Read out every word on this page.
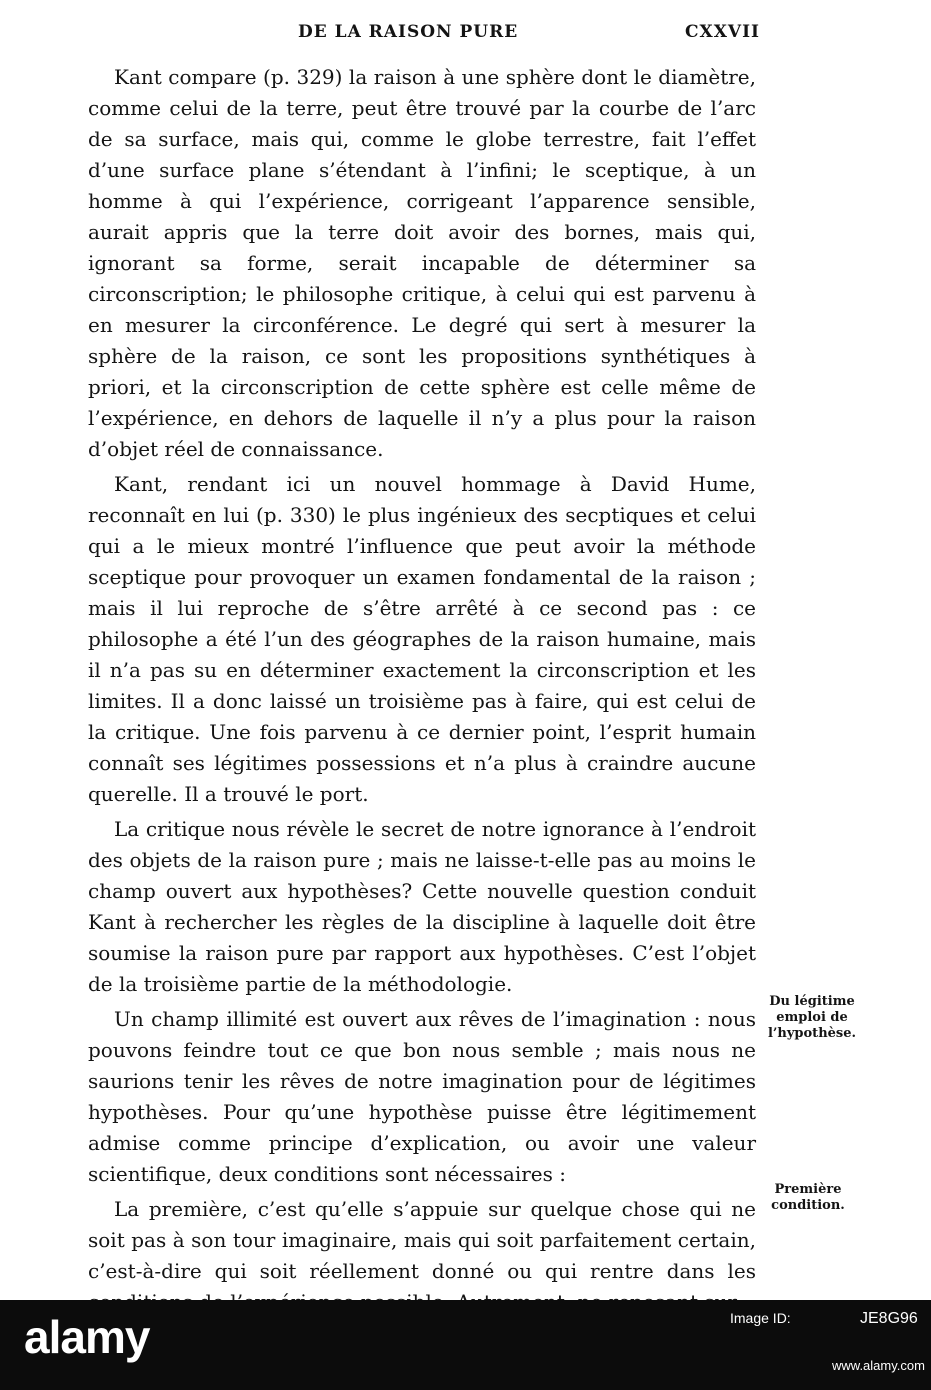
DE LA RAISON PURE	CXXVII

Kant compare (p. 329) la raison à une sphère dont le diamètre, comme celui de la terre, peut être trouvé par la courbe de l’arc de sa surface, mais qui, comme le globe terrestre, fait l’effet d’une surface plane s’étendant à l’infini; le sceptique, à un homme à qui l’expérience, corrigeant l’apparence sensible, aurait appris que la terre doit avoir des bornes, mais qui, ignorant sa forme, serait incapable de déterminer sa circonscription; le philosophe critique, à celui qui est parvenu à en mesurer la circonférence. Le degré qui sert à mesurer la sphère de la raison, ce sont les propositions synthétiques à priori, et la circonscription de cette sphère est celle même de l’expérience, en dehors de laquelle il n’y a plus pour la raison d’objet réel de connaissance.

Kant, rendant ici un nouvel hommage à David Hume, reconnaît en lui (p. 330) le plus ingénieux des secptiques et celui qui a le mieux montré l’influence que peut avoir la méthode sceptique pour provoquer un examen fondamental de la raison ; mais il lui reproche de s’être arrêté à ce second pas : ce philosophe a été l’un des géographes de la raison humaine, mais il n’a pas su en déterminer exactement la circonscription et les limites. Il a donc laissé un troisième pas à faire, qui est celui de la critique. Une fois parvenu à ce dernier point, l’esprit humain connaît ses légitimes possessions et n’a plus à craindre aucune querelle. Il a trouvé le port.

La critique nous révèle le secret de notre ignorance à l’endroit des objets de la raison pure ; mais ne laisse-t-elle pas au moins le champ ouvert aux hypothèses? Cette nouvelle question conduit Kant à rechercher les règles de la discipline à laquelle doit être soumise la raison pure par rapport aux hypothèses. C’est l’objet de la troisième partie de la méthodologie.

Un champ illimité est ouvert aux rêves de l’imagination : nous pouvons feindre tout ce que bon nous semble ; mais nous ne saurions tenir les rêves de notre imagination pour de légitimes hypothèses. Pour qu’une hypothèse puisse être légitimement admise comme principe d’explication, ou avoir une valeur scientifique, deux conditions sont nécessaires :

La première, c’est qu’elle s’appuie sur quelque chose qui ne soit pas à son tour imaginaire, mais qui soit parfaitement certain, c’est-à-dire qui soit réellement donné ou qui rentre dans les

Du légitime emploi de l’hypothèse.
Première condition.
alamy	Image ID:	JE8G96
www.alamy.com
